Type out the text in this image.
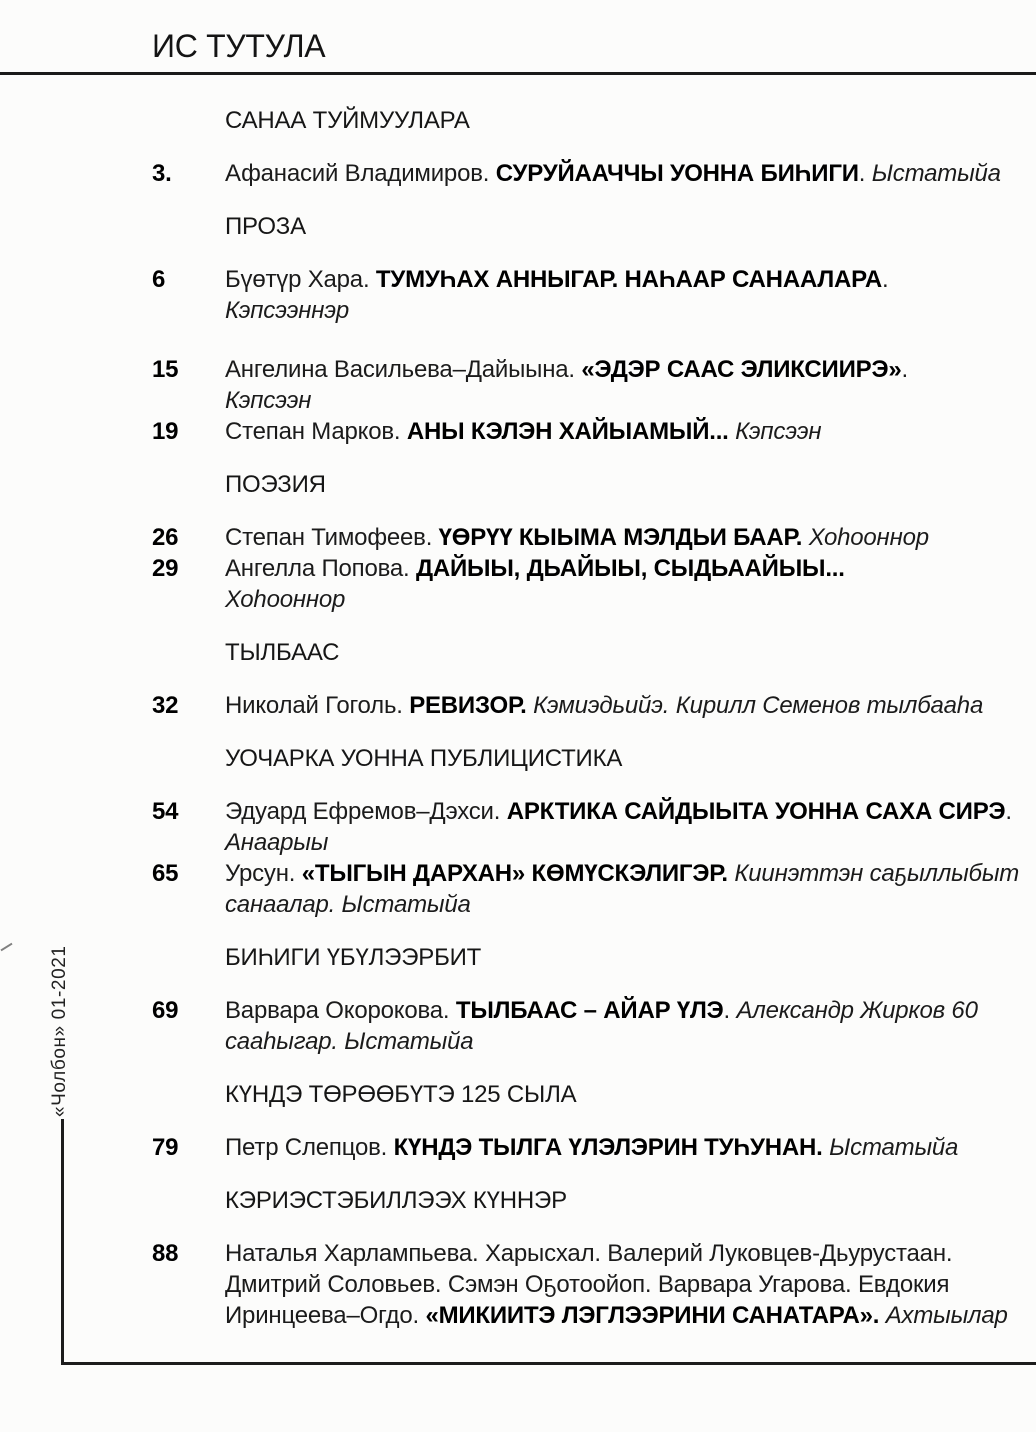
ИС ТУТУЛА
САНАА ТУЙМУУЛАРА
3.	Афанасий Владимиров. СУРУЙААЧЧЫ УОННА БИҺИГИ. Ыстатыйа
ПРОЗА
6	Бүөтүр Хара. ТУМУҺАХ АННЫГАР. НАҺААР САНААЛАРА.
Кэпсээннэр
15	Ангелина Васильева–Дайыына. «ЭДЭР СААС ЭЛИКСИИРЭ».
Кэпсээн
19	Степан Марков. АНЫ КЭЛЭН ХАЙЫАМЫЙ... Кэпсээн
ПОЭЗИЯ
26	Степан Тимофеев. ҮӨРҮҮ КЫЫМА МЭЛДЬИ БААР. Хоһооннор
29	Ангелла Попова. ДАЙЫЫ, ДЬАЙЫЫ, СЫДЬААЙЫЫ...
Хоһооннор
ТЫЛБААС
32	Николай Гоголь. РЕВИЗОР. Кэмиэдьийэ. Кирилл Семенов тылбааһа
УОЧАРКА УОННА ПУБЛИЦИСТИКА
54	Эдуард Ефремов–Дэхси. АРКТИКА САЙДЫЫТА УОННА САХА СИРЭ.
Анаарыы
65	Урсун. «ТЫГЫН ДАРХАН» КӨМҮСКЭЛИГЭР. Киинэттэн саҕыллыбыт
санаалар. Ыстатыйа
БИҺИГИ ҮБҮЛЭЭРБИТ
69	Варвара Окорокова. ТЫЛБААС – АЙАР ҮЛЭ. Александр Жирков 60
сааһыгар. Ыстатыйа
КҮНДЭ ТӨРӨӨБҮТЭ 125 СЫЛА
79	Петр Слепцов. КҮНДЭ ТЫЛГА ҮЛЭЛЭРИН ТУҺУНАН. Ыстатыйа
КЭРИЭСТЭБИЛЛЭЭХ КҮННЭР
88	Наталья Харлампьева. Харысхал. Валерий Луковцев-Дьурустаан.
Дмитрий Соловьев. Сэмэн Оҕотоойоп. Варвара Угарова. Евдокия
Иринцеева–Огдо. «МИКИИТЭ ЛЭГЛЭЭРИНИ САНАТАРА». Ахтыылар
«Чолбон» 01-2021
